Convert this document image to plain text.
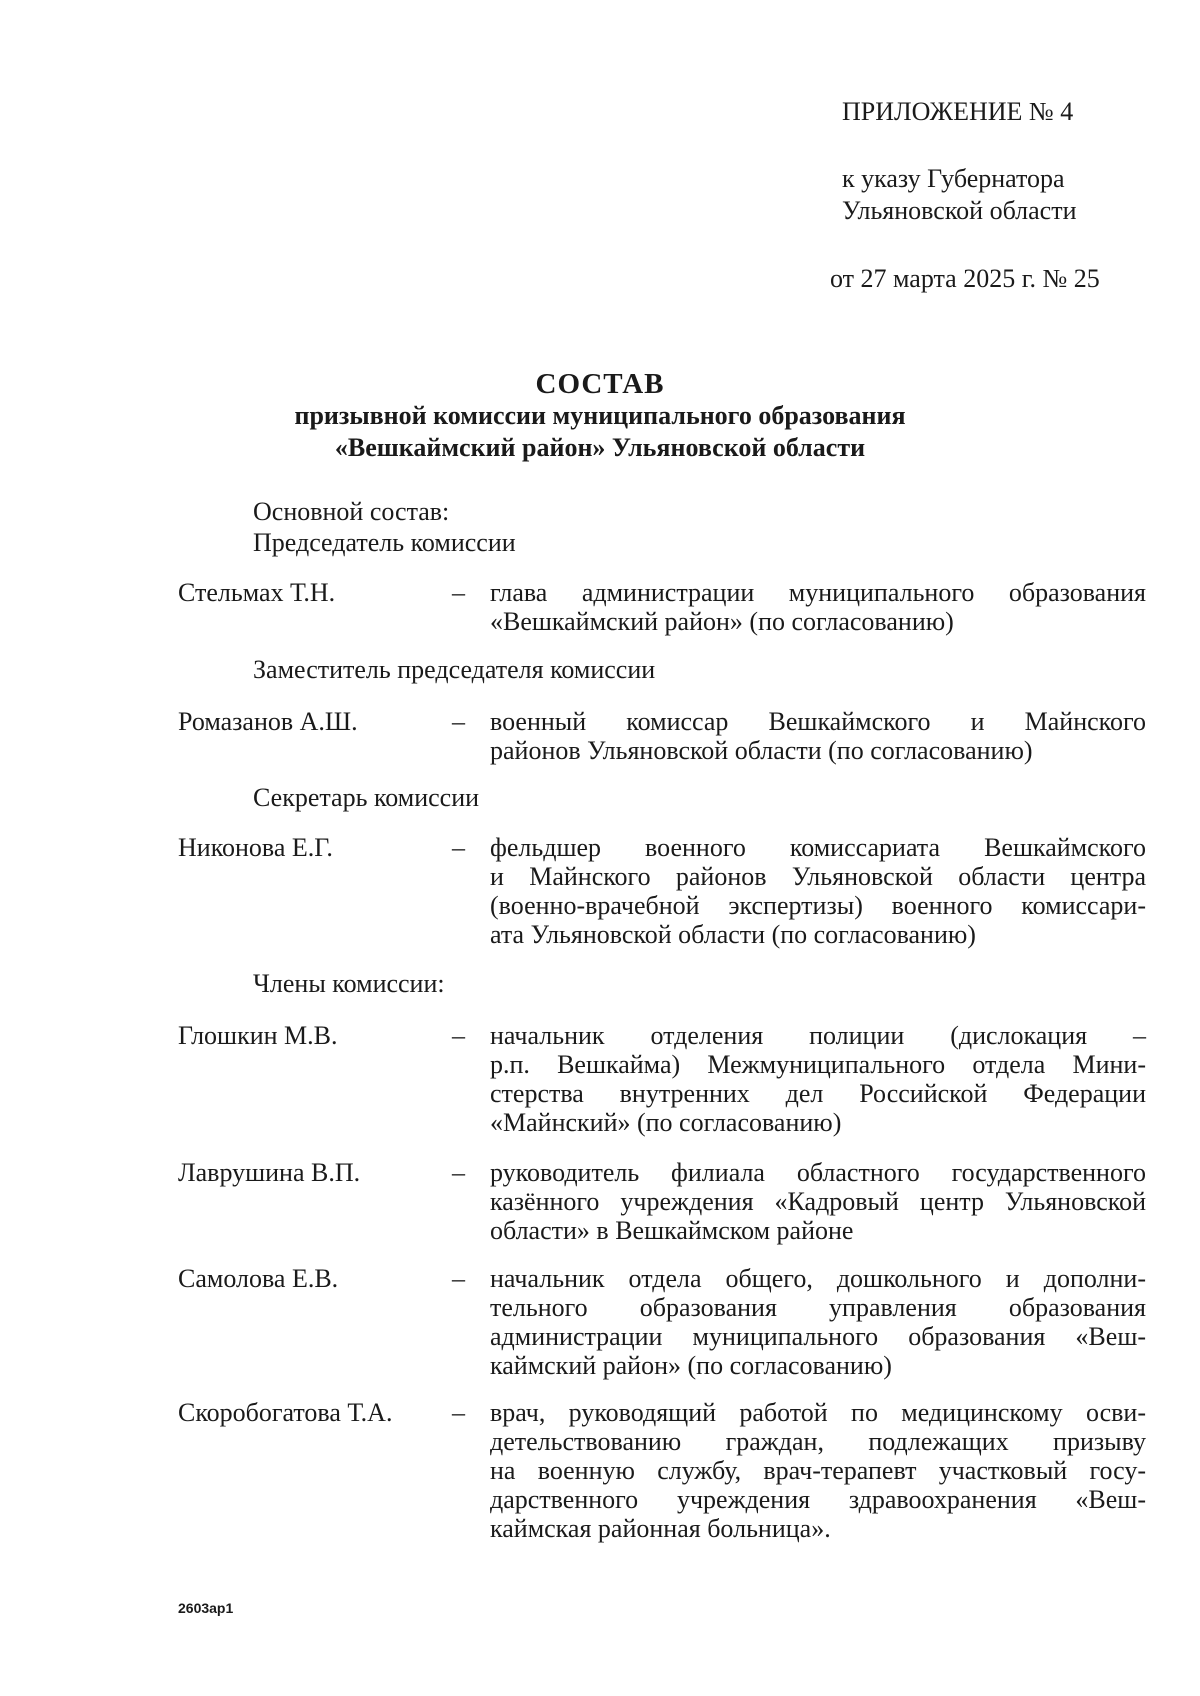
ПРИЛОЖЕНИЕ № 4
к указу Губернатора
Ульяновской области
от 27 марта 2025 г. № 25
СОСТАВ
призывной комиссии муниципального образования
«Вешкаймский район» Ульяновской области
Основной состав:
Председатель комиссии
Стельмах Т.Н.	– глава администрации муниципального образования
«Вешкаймский район» (по согласованию)
Заместитель председателя комиссии
Ромазанов А.Ш.	– военный комиссар Вешкаймского и Майнского
районов Ульяновской области (по согласованию)
Секретарь комиссии
Никонова Е.Г.	– фельдшер военного комиссариата Вешкаймского
и Майнского районов Ульяновской области центра
(военно-врачебной экспертизы) военного комиссари-
ата Ульяновской области (по согласованию)
Члены комиссии:
Глошкин М.В.	– начальник отделения полиции (дислокация –
р.п. Вешкайма) Межмуниципального отдела Мини-
стерства внутренних дел Российской Федерации
«Майнский» (по согласованию)
Лаврушина В.П.	– руководитель филиала областного государственного
казённого учреждения «Кадровый центр Ульяновской
области» в Вешкаймском районе
Самолова Е.В.	– начальник отдела общего, дошкольного и дополни-
тельного образования управления образования
администрации муниципального образования «Веш-
каймский район» (по согласованию)
Скоробогатова Т.А. – врач, руководящий работой по медицинскому осви-
детельствованию граждан, подлежащих призыву
на военную службу, врач-терапевт участковый госу-
дарственного учреждения здравоохранения «Веш-
каймская районная больница».
2603ap1
